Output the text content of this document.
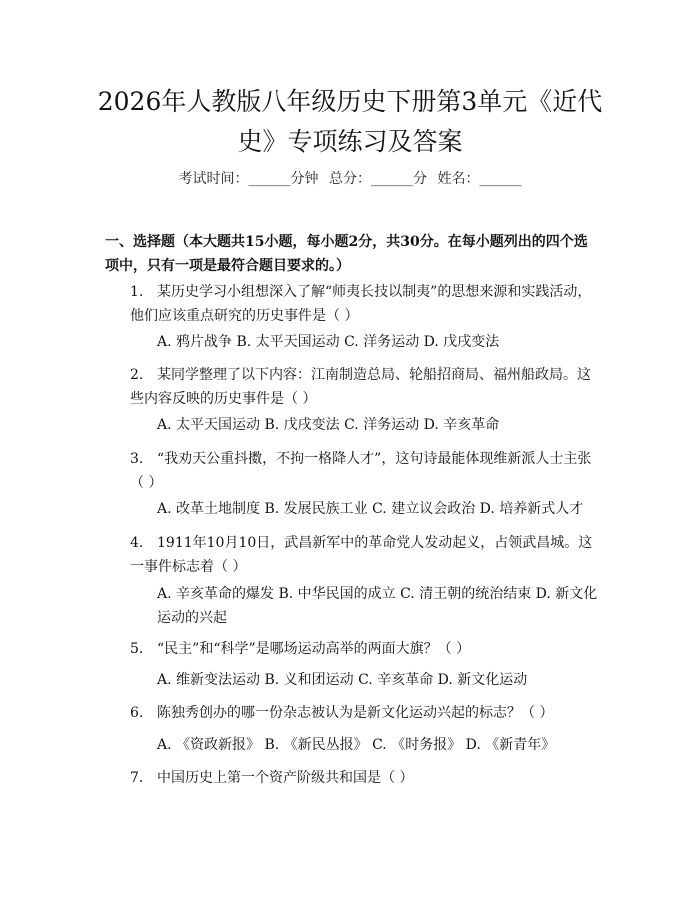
2026年人教版八年级历史下册第3单元《近代史》专项练习及答案
考试时间：______分钟 总分：______分 姓名：______
一、选择题（本大题共15小题，每小题2分，共30分。在每小题列出的四个选项中，只有一项是最符合题目要求的。）
1. 某历史学习小组想深入了解“师夷长技以制夷”的思想来源和实践活动，他们应该重点研究的历史事件是（ ）
A. 鸦片战争 B. 太平天国运动 C. 洋务运动 D. 戊戌变法
2. 某同学整理了以下内容：江南制造总局、轮船招商局、福州船政局。这些内容反映的历史事件是（ ）
A. 太平天国运动 B. 戊戌变法 C. 洋务运动 D. 辛亥革命
3. “我劝天公重抖擞，不拘一格降人才”，这句诗最能体现维新派人士主张（ ）
A. 改革土地制度 B. 发展民族工业 C. 建立议会政治 D. 培养新式人才
4. 1911年10月10日，武昌新军中的革命党人发动起义，占领武昌城。这一事件标志着（ ）
A. 辛亥革命的爆发 B. 中华民国的成立 C. 清王朝的统治结束 D. 新文化运动的兴起
5. “民主”和“科学”是哪场运动高举的两面大旗？（ ）
A. 维新变法运动 B. 义和团运动 C. 辛亥革命 D. 新文化运动
6. 陈独秀创办的哪一份杂志被认为是新文化运动兴起的标志？（ ）
A. 《资政新报》 B. 《新民丛报》 C. 《时务报》 D. 《新青年》
7. 中国历史上第一个资产阶级共和国是（ ）
